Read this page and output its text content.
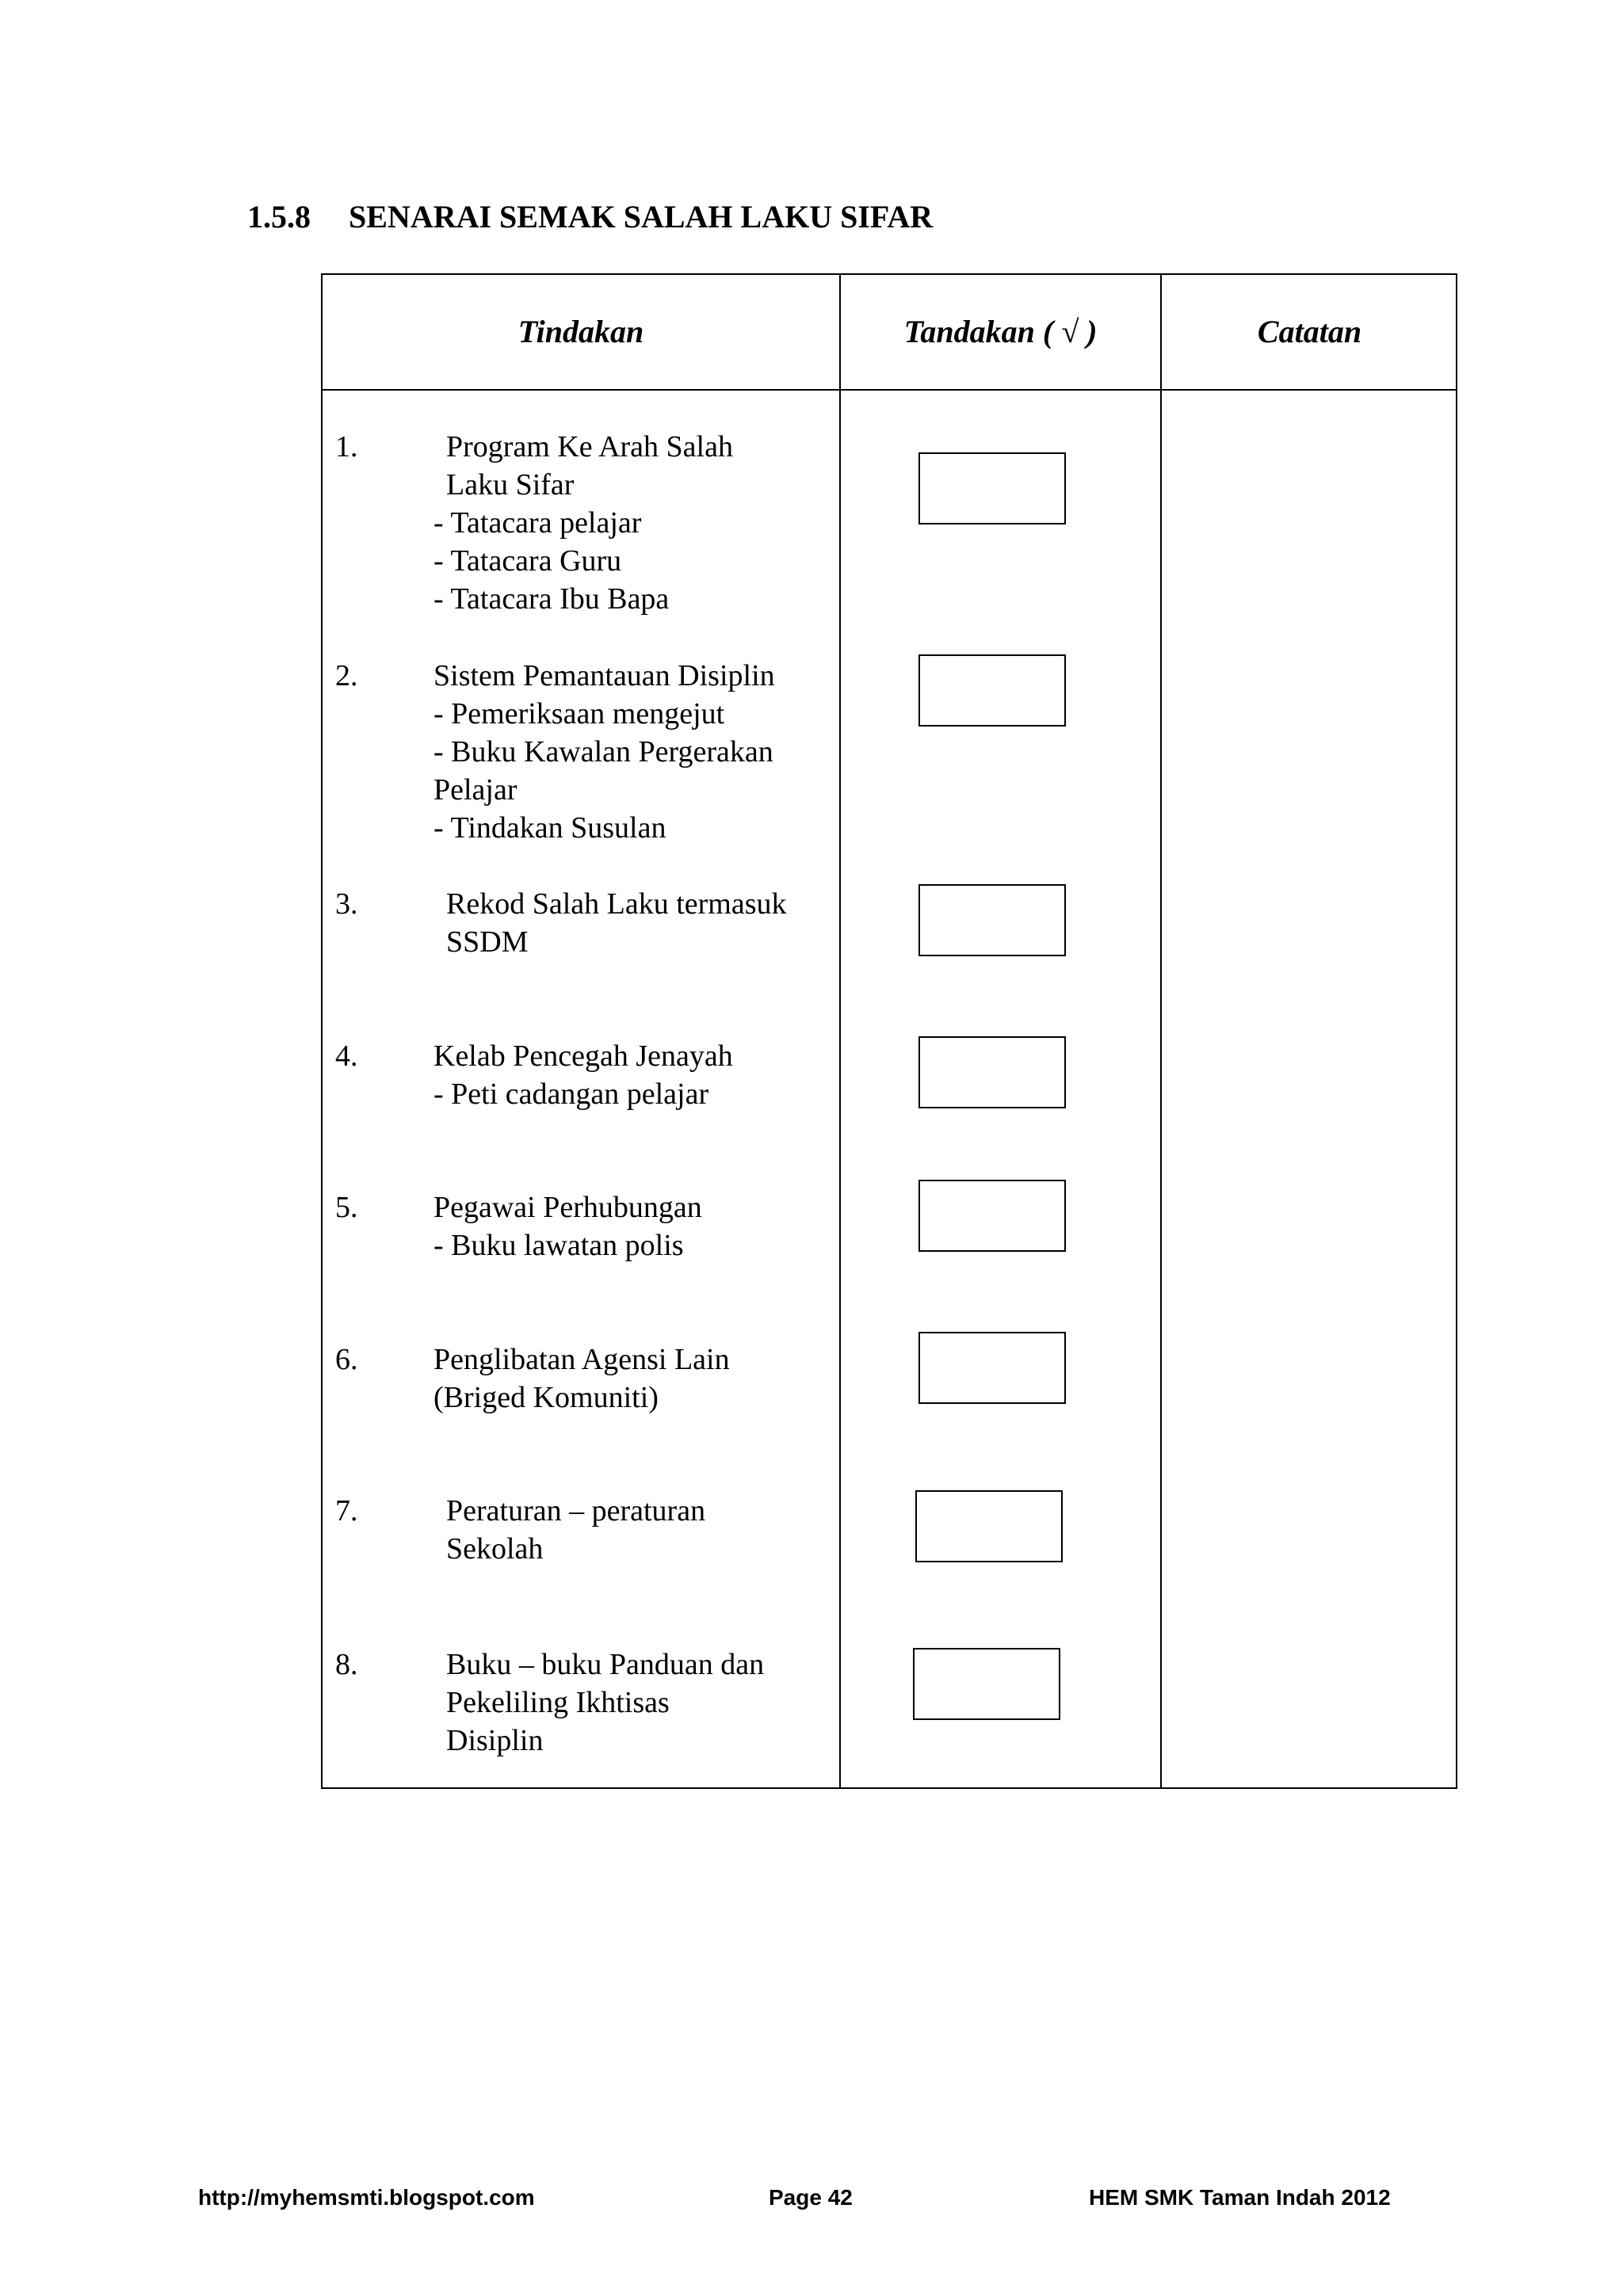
1.5.8 SENARAI SEMAK SALAH LAKU SIFAR
Tindakan	Tandakan ( √ )	Catatan
1.	Program Ke Arah Salah
Laku Sifar
- Tatacara pelajar
- Tatacara Guru
- Tatacara Ibu Bapa
2.	Sistem Pemantauan Disiplin
- Pemeriksaan mengejut
- Buku Kawalan Pergerakan
Pelajar
- Tindakan Susulan
3.	Rekod Salah Laku termasuk
SSDM
4.	Kelab Pencegah Jenayah
- Peti cadangan pelajar
5.	Pegawai Perhubungan
- Buku lawatan polis
6.	Penglibatan Agensi Lain
(Briged Komuniti)
7.	Peraturan – peraturan
Sekolah
8.	Buku – buku Panduan dan
Pekeliling Ikhtisas
Disiplin
http://myhemsmti.blogspot.com	Page 42	HEM SMK Taman Indah 2012
